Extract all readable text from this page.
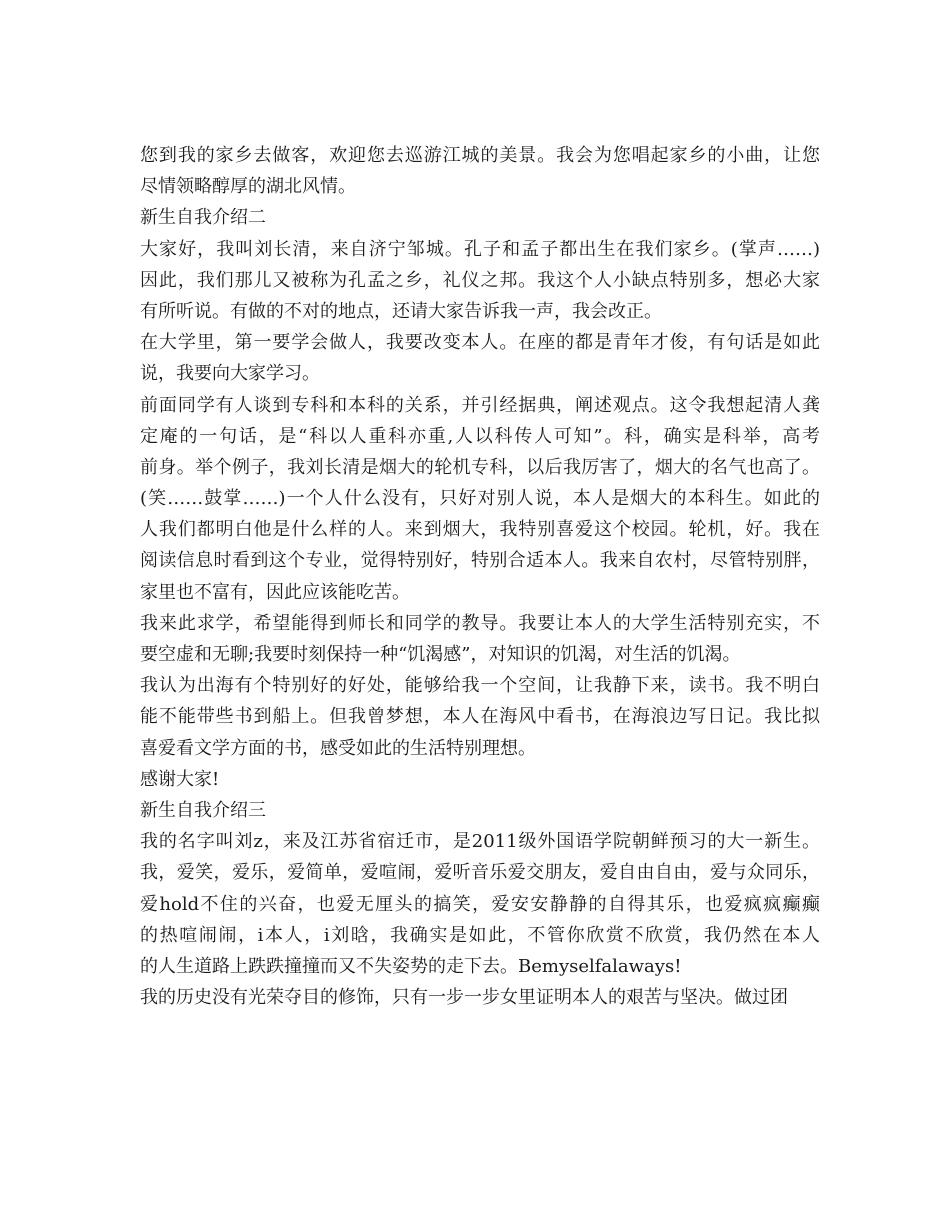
您到我的家乡去做客，欢迎您去巡游江城的美景。我会为您唱起家乡的小曲，让您
尽情领略醇厚的湖北风情。
新生自我介绍二
大家好，我叫刘长清，来自济宁邹城。孔子和孟子都出生在我们家乡。(掌声……)
因此，我们那儿又被称为孔孟之乡，礼仪之邦。我这个人小缺点特别多，想必大家
有所听说。有做的不对的地点，还请大家告诉我一声，我会改正。
在大学里，第一要学会做人，我要改变本人。在座的都是青年才俊，有句话是如此
说，我要向大家学习。
前面同学有人谈到专科和本科的关系，并引经据典，阐述观点。这令我想起清人龚
定庵的一句话，是“科以人重科亦重,人以科传人可知”。科，确实是科举，高考
前身。举个例子，我刘长清是烟大的轮机专科，以后我厉害了，烟大的名气也高了。
(笑……鼓掌……)一个人什么没有，只好对别人说，本人是烟大的本科生。如此的
人我们都明白他是什么样的人。来到烟大，我特别喜爱这个校园。轮机，好。我在
阅读信息时看到这个专业，觉得特别好，特别合适本人。我来自农村，尽管特别胖，
家里也不富有，因此应该能吃苦。
我来此求学，希望能得到师长和同学的教导。我要让本人的大学生活特别充实，不
要空虚和无聊;我要时刻保持一种“饥渴感”，对知识的饥渴，对生活的饥渴。
我认为出海有个特别好的好处，能够给我一个空间，让我静下来，读书。我不明白
能不能带些书到船上。但我曾梦想，本人在海风中看书，在海浪边写日记。我比拟
喜爱看文学方面的书，感受如此的生活特别理想。
感谢大家!
新生自我介绍三
我的名字叫刘z，来及江苏省宿迁市，是2011级外国语学院朝鲜预习的大一新生。
我，爱笑，爱乐，爱简单，爱喧闹，爱听音乐爱交朋友，爱自由自由，爱与众同乐，
爱hold不住的兴奋，也爱无厘头的搞笑，爱安安静静的自得其乐，也爱疯疯癫癫
的热喧闹闹，i本人，i刘晗，我确实是如此，不管你欣赏不欣赏，我仍然在本人
的人生道路上跌跌撞撞而又不失姿势的走下去。Bemyselfalaways!
我的历史没有光荣夺目的修饰，只有一步一步女里证明本人的艰苦与坚决。做过团
